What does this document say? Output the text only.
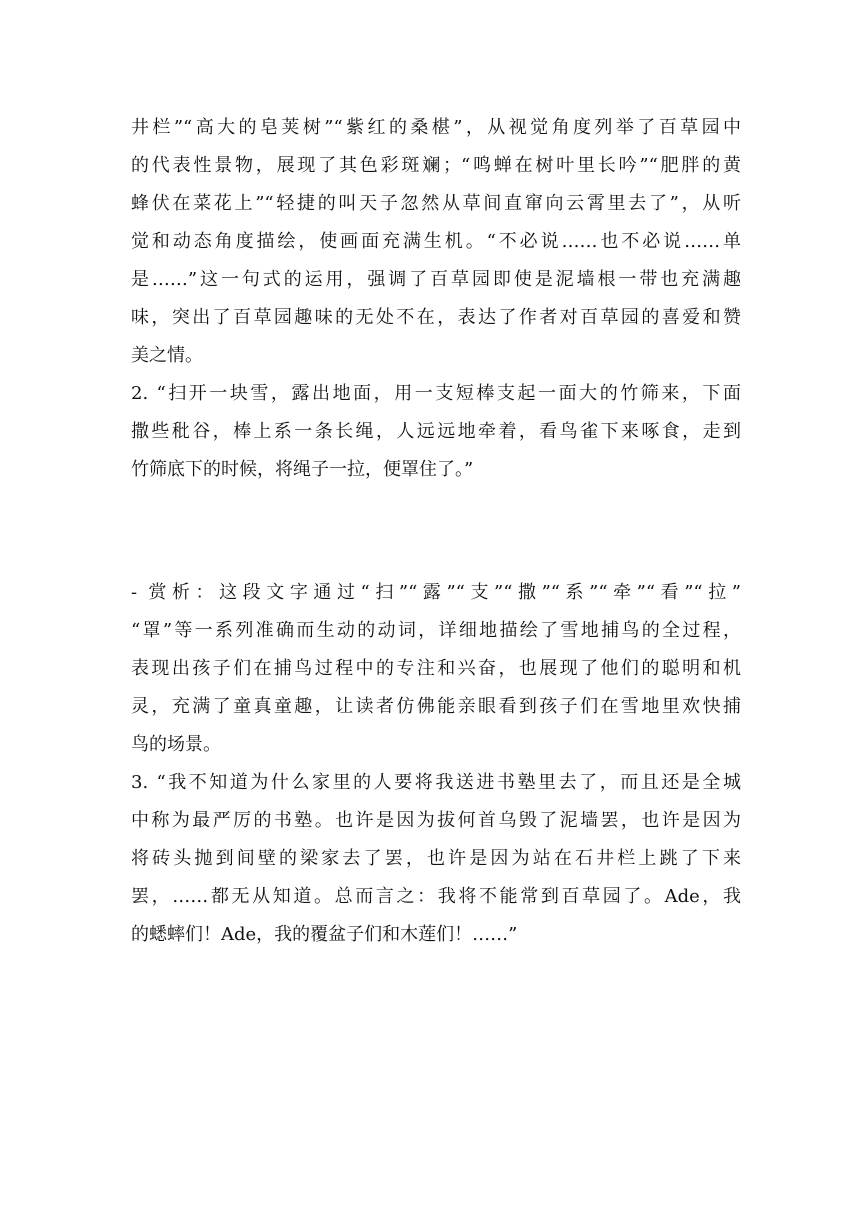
井栏”“高大的皂荚树”“紫红的桑椹”，从视觉角度列举了百草园中
的代表性景物，展现了其色彩斑斓；“鸣蝉在树叶里长吟”“肥胖的黄
蜂伏在菜花上”“轻捷的叫天子忽然从草间直窜向云霄里去了”，从听
觉和动态角度描绘，使画面充满生机。“不必说……也不必说……单
是……”这一句式的运用，强调了百草园即使是泥墙根一带也充满趣
味，突出了百草园趣味的无处不在，表达了作者对百草园的喜爱和赞
美之情。
2. “扫开一块雪，露出地面，用一支短棒支起一面大的竹筛来，下面
撒些秕谷，棒上系一条长绳，人远远地牵着，看鸟雀下来啄食，走到
竹筛底下的时候，将绳子一拉，便罩住了。”
- 赏析：这段文字通过“扫”“露”“支”“撒”“系”“牵”“看”“拉”
“罩”等一系列准确而生动的动词，详细地描绘了雪地捕鸟的全过程，
表现出孩子们在捕鸟过程中的专注和兴奋，也展现了他们的聪明和机
灵，充满了童真童趣，让读者仿佛能亲眼看到孩子们在雪地里欢快捕
鸟的场景。
3. “我不知道为什么家里的人要将我送进书塾里去了，而且还是全城
中称为最严厉的书塾。也许是因为拔何首乌毁了泥墙罢，也许是因为
将砖头抛到间壁的梁家去了罢，也许是因为站在石井栏上跳了下来
罢，……都无从知道。总而言之：我将不能常到百草园了。Ade，我
的蟋蟀们！Ade，我的覆盆子们和木莲们！……”
